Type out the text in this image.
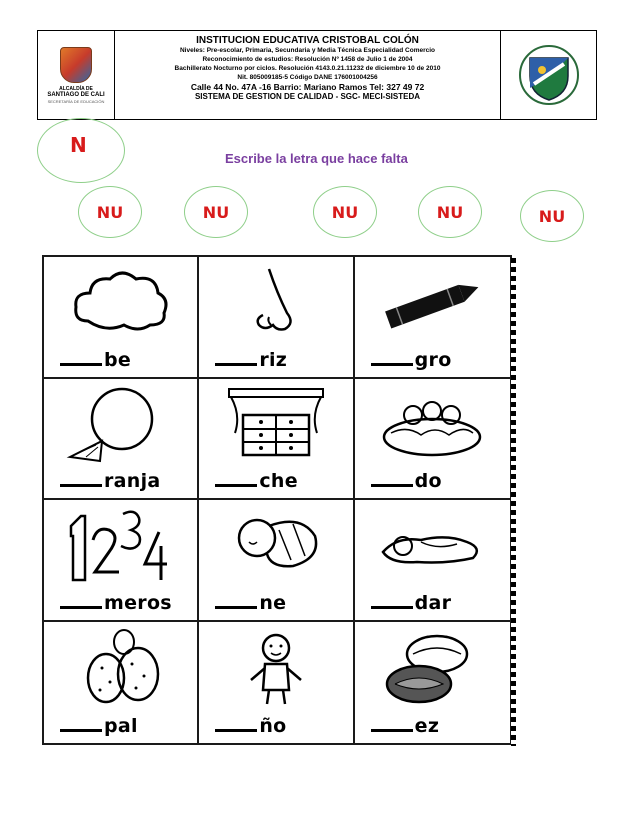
ALCALDÍA DE
SANTIAGO DE CALI
SECRETARÍA DE EDUCACIÓN
INSTITUCION EDUCATIVA CRISTOBAL COLÓN
Niveles: Pre-escolar, Primaria, Secundaria y Media Técnica Especialidad Comercio
Reconocimiento de estudios: Resolución Nº 1458 de Julio 1 de 2004
Bachillerato Nocturno por ciclos. Resolución 4143.0.21.11232 de diciembre 10 de 2010
Nit. 805009185-5 Código DANE 176001004256
Calle 44 No. 47A -16 Barrio: Mariano Ramos Tel: 327 49 72
SISTEMA DE GESTION DE CALIDAD - SGC- MECI-SISTEDA
N
Escribe la letra que hace falta
NU	NU	NU	NU	NU
be	riz	gro
ranja	che	do
meros	ne	dar
pal	ño	ez
